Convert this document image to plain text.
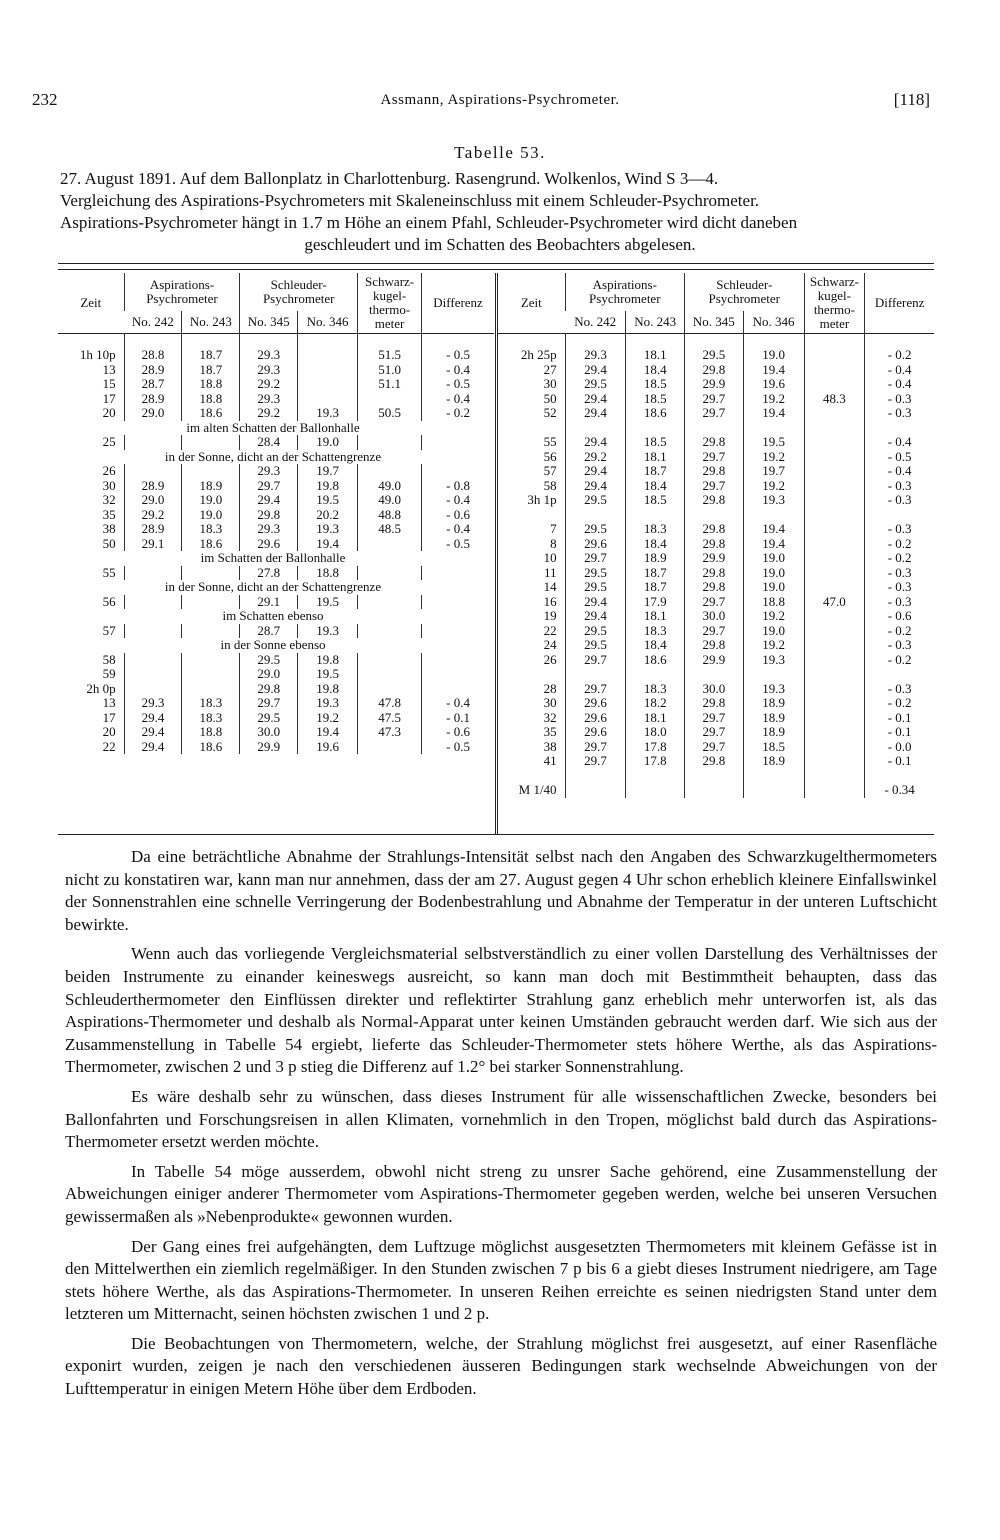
232	Assmann, Aspirations-Psychrometer.	[118]
Tabelle 53.
27. August 1891. Auf dem Ballonplatz in Charlottenburg. Rasengrund. Wolkenlos, Wind S 3—4.
Vergleichung des Aspirations-Psychrometers mit Skaleneinschluss mit einem Schleuder-Psychrometer.
Aspirations-Psychrometer hängt in 1.7 m Höhe an einem Pfahl, Schleuder-Psychrometer wird dicht daneben
geschleudert und im Schatten des Beobachters abgelesen.
Zeit	Aspirations-Psychrometer		Schleuder-Psychrometer		Schwarz-kugel-thermo-meter	Differenz
	No. 242	No. 243	No. 345	No. 346		
1h 10p	28.8	18.7	29.3		51.5	- 0.5
13	28.9	18.7	29.3		51.0	- 0.4
15	28.7	18.8	29.2		51.1	- 0.5
17	28.9	18.8	29.3			- 0.4
20	29.0	18.6	29.2	19.3	50.5	- 0.2
im alten Schatten der Ballonhalle						
25			28.4	19.0		
in der Sonne, dicht an der Schattengrenze						
26			29.3	19.7		
30	28.9	18.9	29.7	19.8	49.0	- 0.8
32	29.0	19.0	29.4	19.5	49.0	- 0.4
35	29.2	19.0	29.8	20.2	48.8	- 0.6
38	28.9	18.3	29.3	19.3	48.5	- 0.4
50	29.1	18.6	29.6	19.4		- 0.5
im Schatten der Ballonhalle						
55			27.8	18.8		
in der Sonne, dicht an der Schattengrenze						
56			29.1	19.5		
im Schatten ebenso						
57			28.7	19.3		
in der Sonne ebenso						
58			29.5	19.8		
59			29.0	19.5		
2h 0p			29.8	19.8		
13	29.3	18.3	29.7	19.3	47.8	- 0.4
17	29.4	18.3	29.5	19.2	47.5	- 0.1
20	29.4	18.8	30.0	19.4	47.3	- 0.6
22	29.4	18.6	29.9	19.6		- 0.5
Zeit	Aspirations-Psychrometer		Schleuder-Psychrometer		Schwarz-kugel-thermo-meter	Differenz
	No. 242	No. 243	No. 345	No. 346		
2h 25p	29.3	18.1	29.5	19.0		- 0.2
27	29.4	18.4	29.8	19.4		- 0.4
30	29.5	18.5	29.9	19.6		- 0.4
50	29.4	18.5	29.7	19.2	48.3	- 0.3
52	29.4	18.6	29.7	19.4		- 0.3

55	29.4	18.5	29.8	19.5		- 0.4
56	29.2	18.1	29.7	19.2		- 0.5
57	29.4	18.7	29.8	19.7		- 0.4
58	29.4	18.4	29.7	19.2		- 0.3
3h 1p	29.5	18.5	29.8	19.3		- 0.3

7	29.5	18.3	29.8	19.4		- 0.3
8	29.6	18.4	29.8	19.4		- 0.2
10	29.7	18.9	29.9	19.0		- 0.2
11	29.5	18.7	29.8	19.0		- 0.3
14	29.5	18.7	29.8	19.0		- 0.3
16	29.4	17.9	29.7	18.8	47.0	- 0.3
19	29.4	18.1	30.0	19.2		- 0.6
22	29.5	18.3	29.7	19.0		- 0.2
24	29.5	18.4	29.8	19.2		- 0.3
26	29.7	18.6	29.9	19.3		- 0.2

28	29.7	18.3	30.0	19.3		- 0.3
30	29.6	18.2	29.8	18.9		- 0.2
32	29.6	18.1	29.7	18.9		- 0.1
35	29.6	18.0	29.7	18.9		- 0.1
38	29.7	17.8	29.7	18.5		- 0.0
41	29.7	17.8	29.8	18.9		- 0.1

M 1/40						- 0.34

Da eine beträchtliche Abnahme der Strahlungs-Intensität selbst nach den Angaben des Schwarzkugelthermometers nicht zu konstatiren war, kann man nur annehmen, dass der am 27. August gegen 4 Uhr schon erheblich kleinere Einfallswinkel der Sonnenstrahlen eine schnelle Verringerung der Bodenbestrahlung und Abnahme der Temperatur in der unteren Luftschicht bewirkte.

Wenn auch das vorliegende Vergleichsmaterial selbstverständlich zu einer vollen Darstellung des Verhältnisses der beiden Instrumente zu einander keineswegs ausreicht, so kann man doch mit Bestimmtheit behaupten, dass das Schleuderthermometer den Einflüssen direkter und reflektirter Strahlung ganz erheblich mehr unterworfen ist, als das Aspirations-Thermometer und deshalb als Normal-Apparat unter keinen Umständen gebraucht werden darf. Wie sich aus der Zusammenstellung in Tabelle 54 ergiebt, lieferte das Schleuder-Thermometer stets höhere Werthe, als das Aspirations-Thermometer, zwischen 2 und 3 p stieg die Differenz auf 1.2° bei starker Sonnenstrahlung.

Es wäre deshalb sehr zu wünschen, dass dieses Instrument für alle wissenschaftlichen Zwecke, besonders bei Ballonfahrten und Forschungsreisen in allen Klimaten, vornehmlich in den Tropen, möglichst bald durch das Aspirations-Thermometer ersetzt werden möchte.

In Tabelle 54 möge ausserdem, obwohl nicht streng zu unsrer Sache gehörend, eine Zusammenstellung der Abweichungen einiger anderer Thermometer vom Aspirations-Thermometer gegeben werden, welche bei unseren Versuchen gewissermaßen als »Nebenprodukte« gewonnen wurden.

Der Gang eines frei aufgehängten, dem Luftzuge möglichst ausgesetzten Thermometers mit kleinem Gefässe ist in den Mittelwerthen ein ziemlich regelmäßiger. In den Stunden zwischen 7 p bis 6 a giebt dieses Instrument niedrigere, am Tage stets höhere Werthe, als das Aspirations-Thermometer. In unseren Reihen erreichte es seinen niedrigsten Stand unter dem letzteren um Mitternacht, seinen höchsten zwischen 1 und 2 p.

Die Beobachtungen von Thermometern, welche, der Strahlung möglichst frei ausgesetzt, auf einer Rasenfläche exponirt wurden, zeigen je nach den verschiedenen äusseren Bedingungen stark wechselnde Abweichungen von der Lufttemperatur in einigen Metern Höhe über dem Erdboden.
